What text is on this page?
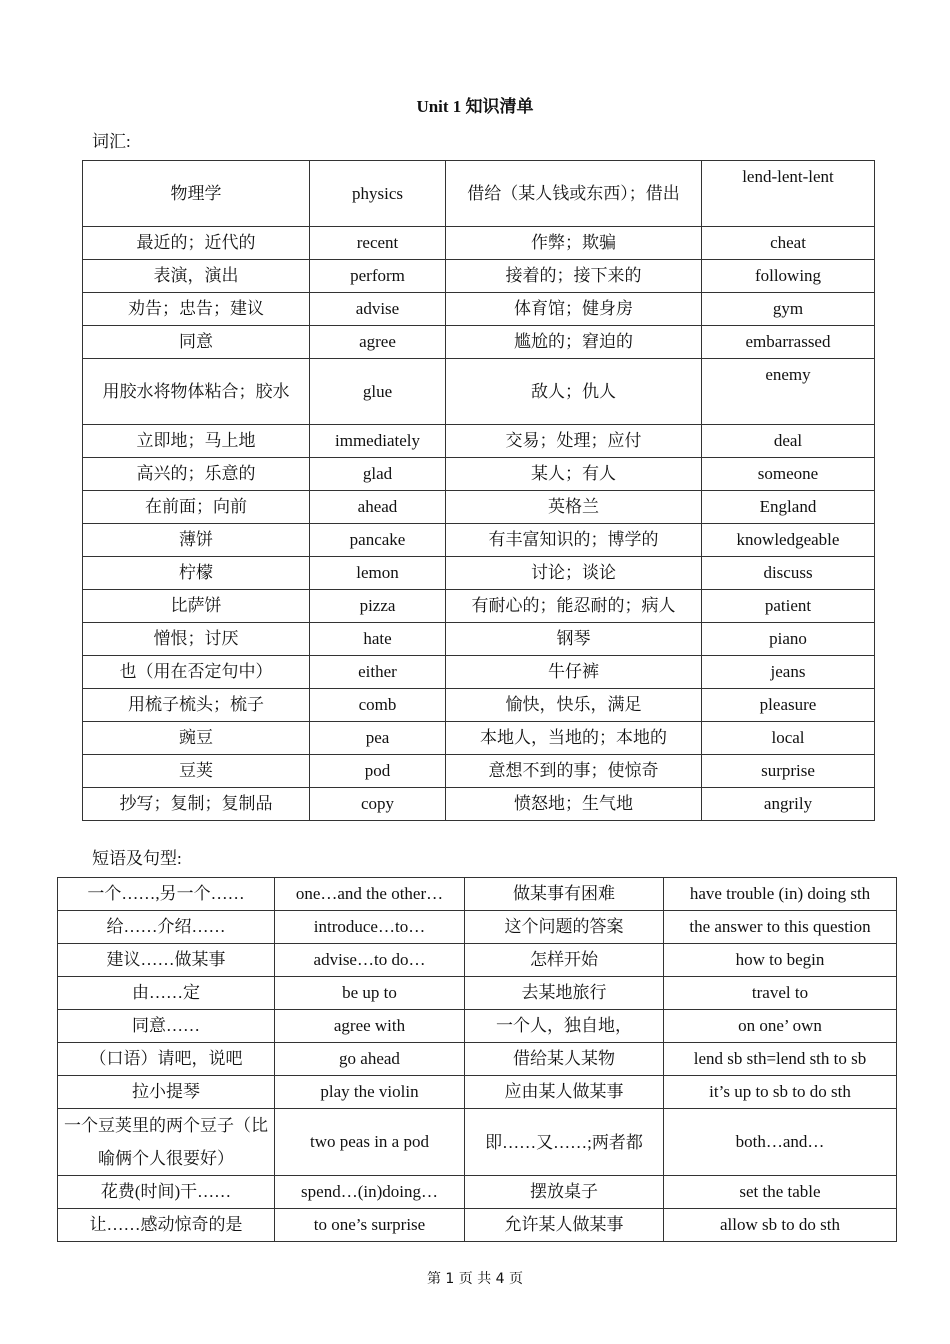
Unit 1 知识清单
词汇:
物理学	physics	借给（某人钱或东西）；借出	lend-lent-lent
最近的；近代的	recent	作弊；欺骗	cheat
表演，演出	perform	接着的；接下来的	following
劝告；忠告；建议	advise	体育馆；健身房	gym
同意	agree	尴尬的；窘迫的	embarrassed
用胶水将物体粘合；胶水	glue	敌人；仇人	enemy
立即地；马上地	immediately	交易；处理；应付	deal
高兴的；乐意的	glad	某人；有人	someone
在前面；向前	ahead	英格兰	England
薄饼	pancake	有丰富知识的；博学的	knowledgeable
柠檬	lemon	讨论；谈论	discuss
比萨饼	pizza	有耐心的；能忍耐的；病人	patient
憎恨；讨厌	hate	钢琴	piano
也（用在否定句中）	either	牛仔裤	jeans
用梳子梳头；梳子	comb	愉快，快乐，满足	pleasure
豌豆	pea	本地人，当地的；本地的	local
豆荚	pod	意想不到的事；使惊奇	surprise
抄写；复制；复制品	copy	愤怒地；生气地	angrily
短语及句型:
一个……,另一个……	one…and the other…	做某事有困难	have trouble (in) doing sth
给……介绍……	introduce…to…	这个问题的答案	the answer to this question
建议……做某事	advise…to do…	怎样开始	how to begin
由……定	be up to	去某地旅行	travel to
同意……	agree with	一个人，独自地，	on one’ own
（口语）请吧，说吧	go ahead	借给某人某物	lend sb sth=lend sth to sb
拉小提琴	play the violin	应由某人做某事	it’s up to sb to do sth
一个豆荚里的两个豆子（比喻俩个人很要好）	two peas in a pod	即……又……;两者都	both…and…
花费(时间)干……	spend…(in)doing…	摆放桌子	set the table
让……感动惊奇的是	to one’s surprise	允许某人做某事	allow sb to do sth
第 1 页 共 4 页
